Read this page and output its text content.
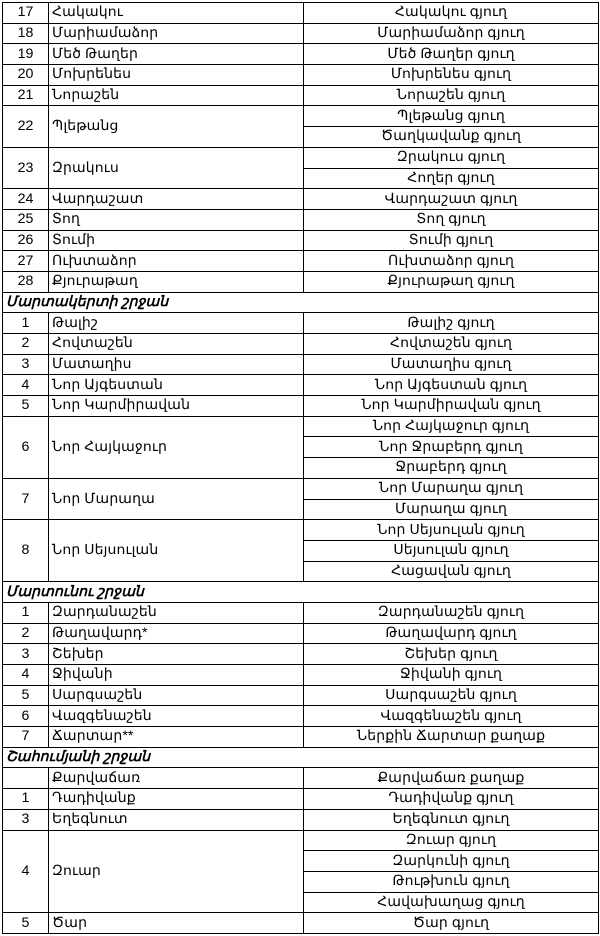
17	Հակակու	Հակակու գյուղ
18	Մարիամաձոր	Մարիամաձոր գյուղ
19	Մեծ Թաղեր	Մեծ Թաղեր գյուղ
20	Մոխրենես	Մոխրենես գյուղ
21	Նորաշեն	Նորաշեն գյուղ
22	Պլեթանց	Պլեթանց գյուղ
		Ծաղկավանք գյուղ
23	Զրակուս	Զրակուս գյուղ
		Հողեր գյուղ
24	Վարդաշատ	Վարդաշատ գյուղ
25	Տող	Տող գյուղ
26	Տումի	Տումի գյուղ
27	Ուխտաձոր	Ուխտաձոր գյուղ
28	Քյուրաթաղ	Քյուրաթաղ գյուղ
Մարտակերտի շրջան		
1	Թալիշ	Թալիշ գյուղ
2	Հովտաշեն	Հովտաշեն գյուղ
3	Մատաղիս	Մատաղիս գյուղ
4	Նոր Այգեստան	Նոր Այգեստան գյուղ
5	Նոր Կարմիրավան	Նոր Կարմիրավան գյուղ
6	Նոր Հայկաջուր	Նոր Հայկաջուր գյուղ
		Նոր Ջրաբերդ գյուղ
		Ջրաբերդ գյուղ
7	Նոր Մարաղա	Նոր Մարաղա գյուղ
		Մարաղա գյուղ
8	Նոր Սեյսուլան	Նոր Սեյսուլան գյուղ
		Սեյսուլան գյուղ
		Հացավան գյուղ
Մարտունու շրջան		
1	Զարդանաշեն	Զարդանաշեն գյուղ
2	Թաղավարդ*	Թաղավարդ գյուղ
3	Շեխեր	Շեխեր գյուղ
4	Ջիվանի	Ջիվանի գյուղ
5	Սարգսաշեն	Սարգսաշեն գյուղ
6	Վազգենաշեն	Վազգենաշեն գյուղ
7	Ճարտար**	Ներքին Ճարտար քաղաք
Շահումյանի շրջան		
	Քարվաճառ	Քարվաճառ քաղաք
1	Դադիվանք	Դադիվանք գյուղ
3	Եղեգնուտ	Եղեգնուտ գյուղ
4	Զուար	Զուար գյուղ
		Զարկունի գյուղ
		Թութխուն գյուղ
		Հավախաղաց գյուղ
5	Ծար	Ծար գյուղ
